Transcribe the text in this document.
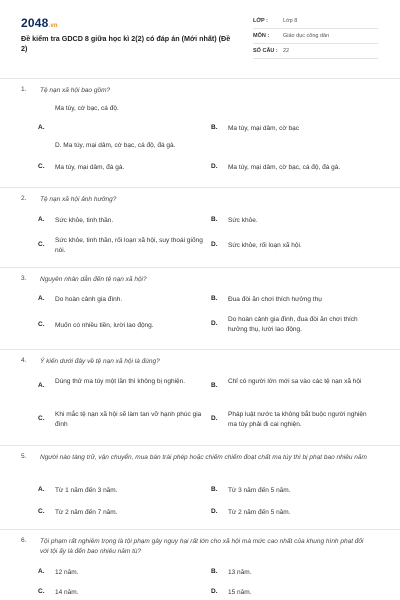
2048.vn
Đề kiểm tra GDCD 8 giữa học kì 2(2) có đáp án (Mới nhất) (Đề 2)
LỚP :	Lớp 8
MÔN :	Giáo dục công dân
SỐ CÂU : 22
1. Tệ nạn xã hội bao gồm?
Ma túy, cờ bạc, cá độ.
A.	B.	Ma túy, mại dâm, cờ bạc
D. Ma túy, mại dâm, cờ bạc, cá độ, đá gà.
C.	Ma túy, mại dâm, đá gà.	D.	Ma túy, mại dâm, cờ bạc, cá độ, đá gà.
2. Tệ nạn xã hội ảnh hưởng?
A.	Sức khỏe, tinh thần.	B.	Sức khỏe.
C.
Sức khỏe, tinh thần, rối loạn xã hội, suy thoái giống nòi.
D.	Sức khỏe, rối loạn xã hội.
3. Nguyên nhân dẫn đến tệ nạn xã hội?
A.	Do hoàn cảnh gia đình.	B.	Đua đòi ăn chơi thích hưởng thụ
C.	Muốn có nhiều tiền, lười lao động.	D.
Do hoàn cảnh gia đình, đua đòi ăn chơi thích hưởng thụ, lười lao động.
4. Ý kiến dưới đây về tệ nạn xã hội là đúng?
A.
Dùng thử ma túy một lần thì không bị nghiện.
B.
Chỉ có người lớn mới sa vào các tệ nạn xã hội
C.
Khi mắc tệ nạn xã hội sẽ làm tan vỡ hạnh phúc gia đình
D.
Pháp luật nước ta không bắt buộc người nghiện ma túy phải đi cai nghiện.
5. Người nào tàng trữ, vận chuyển, mua bán trái phép hoặc chiếm chiếm đoạt chất ma túy thì bị phạt bao nhiêu năm
A.	Từ 1 năm đến 3 năm.	B.	Từ 3 năm đến 5 năm.
C.	Từ 2 năm đến 7 năm.	D.	Từ 2 năm đến 5 năm.
6. Tội phạm rất nghiêm trọng là tội phạm gây nguy hại rất lớn cho xã hội mà mức cao nhất của khung hình phạt đối với tội ấy là đến bao nhiêu năm tù?
A.	12 năm.	B.	13 năm.
C.	14 năm.	D.	15 năm.
